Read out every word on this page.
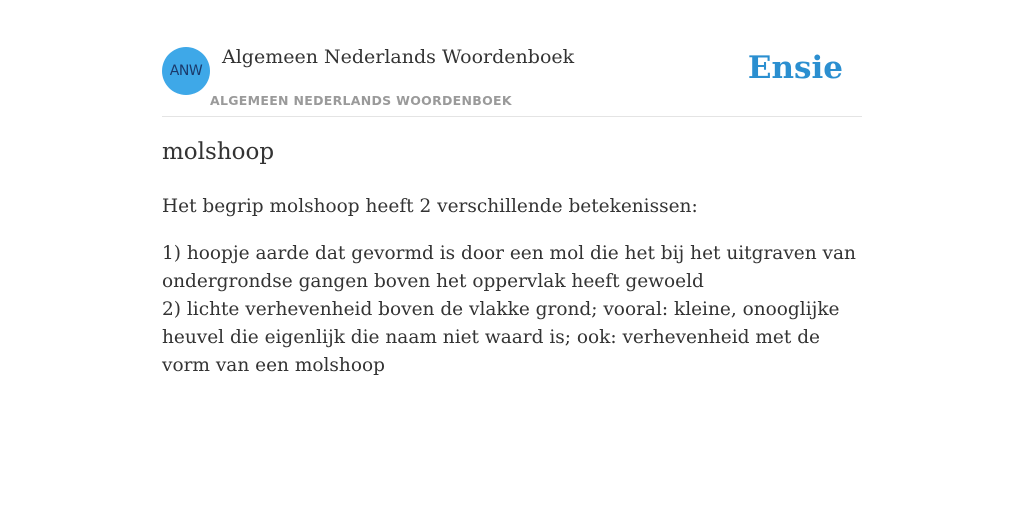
ANW
Algemeen Nederlands Woordenboek
ALGEMEEN NEDERLANDS WOORDENBOEK
Ensie
molshoop

Het begrip molshoop heeft 2 verschillende betekenissen:

1) hoopje aarde dat gevormd is door een mol die het bij het uitgraven van ondergrondse gangen boven het oppervlak heeft gewoeld
2) lichte verhevenheid boven de vlakke grond; vooral: kleine, onooglijke heuvel die eigenlijk die naam niet waard is; ook: verhevenheid met de vorm van een molshoop
